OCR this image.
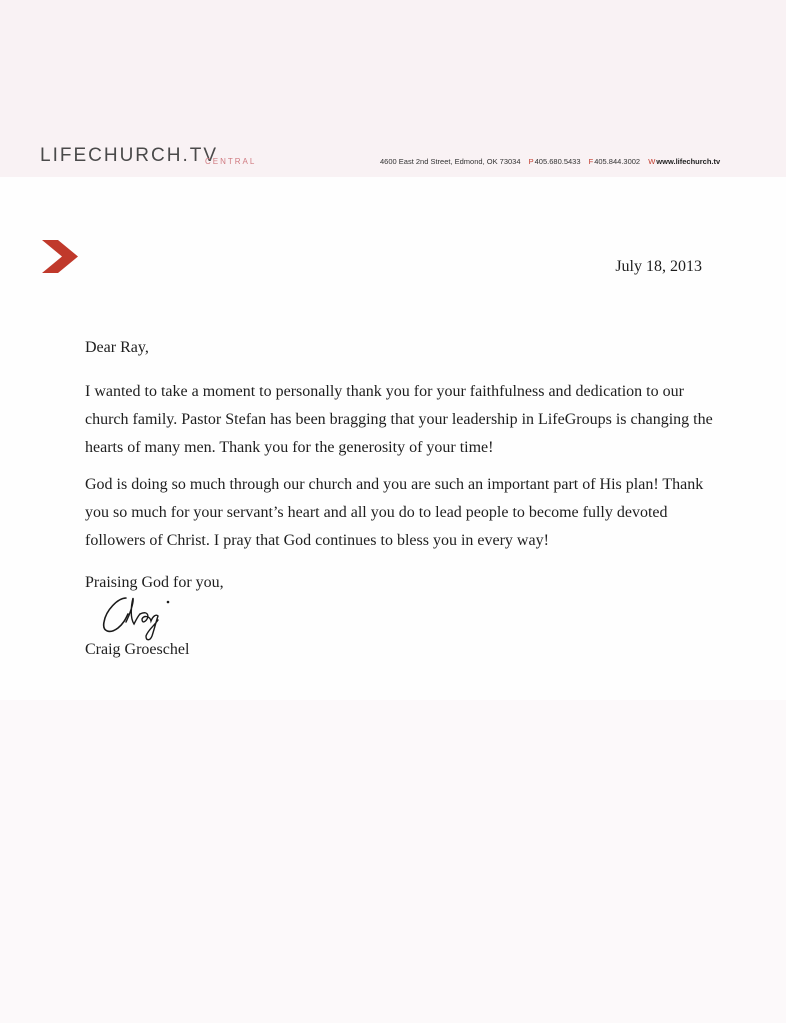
LIFECHURCH.TV
CENTRAL	4600 East 2nd Street, Edmond, OK 73034 P405.680.5433 F405.844.3002 Wwww.lifechurch.tv
July 18, 2013

Dear Ray,

I wanted to take a moment to personally thank you for your faithfulness and dedication to our church family. Pastor Stefan has been bragging that your leadership in LifeGroups is changing the hearts of many men. Thank you for the generosity of your time!

God is doing so much through our church and you are such an important part of His plan! Thank you so much for your servant’s heart and all you do to lead people to become fully devoted followers of Christ. I pray that God continues to bless you in every way!

Praising God for you,

Craig Groeschel
